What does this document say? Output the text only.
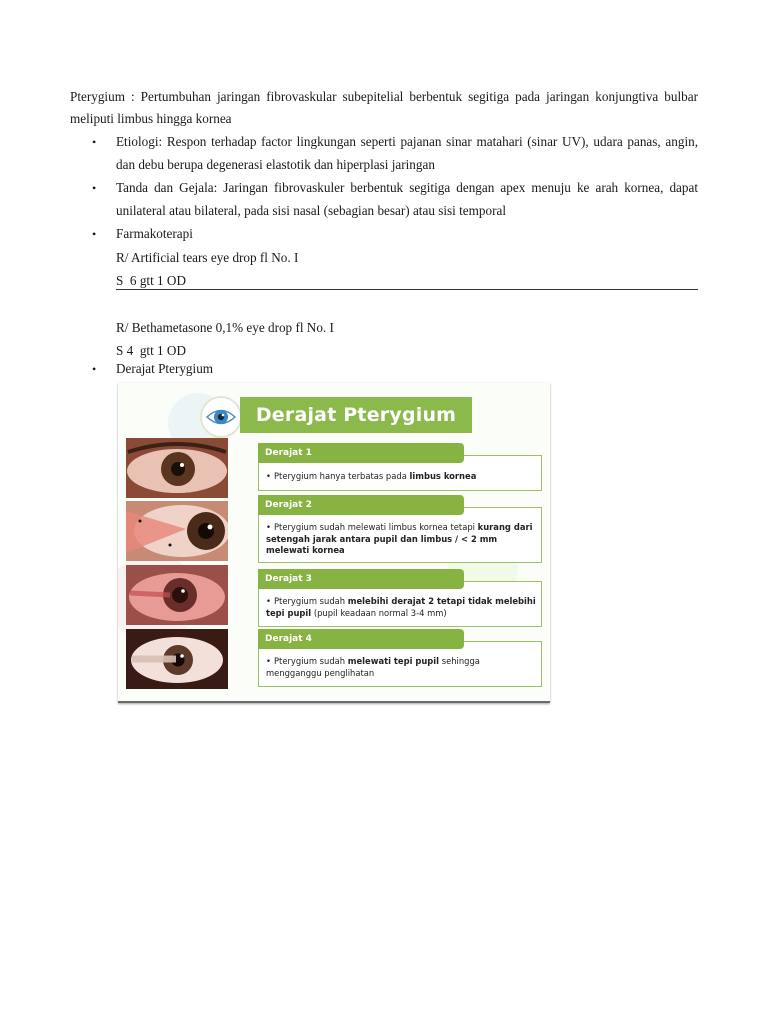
Pterygium : Pertumbuhan jaringan fibrovaskular subepitelial berbentuk segitiga pada jaringan konjungtiva bulbar meliputi limbus hingga kornea

• Etiologi: Respon terhadap factor lingkungan seperti pajanan sinar matahari (sinar UV), udara panas, angin, dan debu berupa degenerasi elastotik dan hiperplasi jaringan
• Tanda dan Gejala: Jaringan fibrovaskuler berbentuk segitiga dengan apex menuju ke arah kornea, dapat unilateral atau bilateral, pada sisi nasal (sebagian besar) atau sisi temporal
• Farmakoterapi

R/ Artificial tears eye drop fl No. I

S  6 gtt 1 OD

R/ Bethametasone 0,1% eye drop fl No. I

S 4  gtt 1 OD

• Derajat Pterygium
Derajat Pterygium
Derajat 1
• Pterygium hanya terbatas pada limbus kornea
Derajat 2
• Pterygium sudah melewati limbus kornea tetapi kurang dari setengah jarak antara pupil dan limbus / < 2 mm melewati kornea
Derajat 3
• Pterygium sudah melebihi derajat 2 tetapi tidak melebihi tepi pupil (pupil keadaan normal 3-4 mm)
Derajat 4
• Pterygium sudah melewati tepi pupil sehingga mengganggu penglihatan
